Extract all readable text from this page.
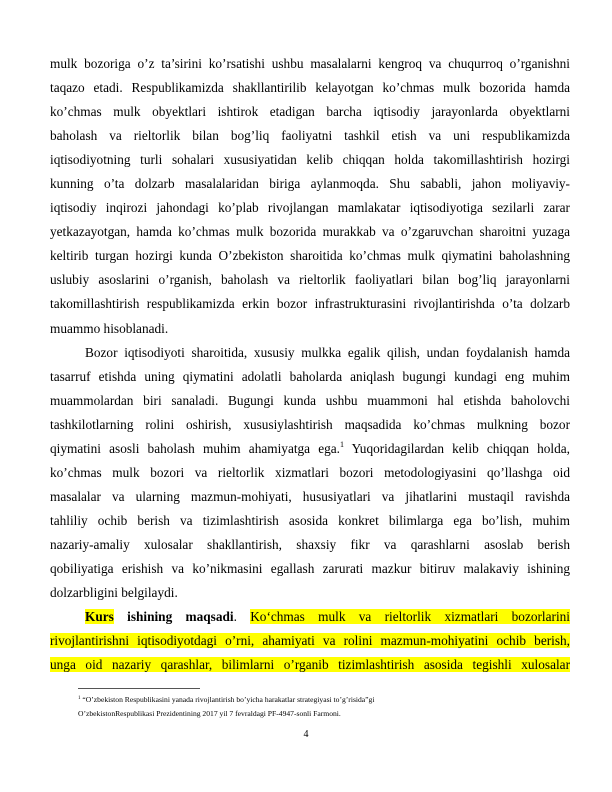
mulk bozoriga o’z ta’sirini ko’rsatishi ushbu masalalarni kengroq va chuqurroq o’rganishni
taqazo etadi. Respublikamizda shakllantirilib kelayotgan ko’chmas mulk bozorida hamda
ko’chmas mulk obyektlari ishtirok etadigan barcha iqtisodiy jarayonlarda obyektlarni
baholash va rieltorlik bilan bog’liq faoliyatni tashkil etish va uni respublikamizda
iqtisodiyotning turli sohalari xususiyatidan kelib chiqqan holda takomillashtirish hozirgi
kunning o’ta dolzarb masalalaridan biriga aylanmoqda. Shu sababli, jahon moliyaviy-
iqtisodiy inqirozi jahondagi ko’plab rivojlangan mamlakatar iqtisodiyotiga sezilarli zarar
yetkazayotgan, hamda ko’chmas mulk bozorida murakkab va o’zgaruvchan sharoitni yuzaga
keltirib turgan hozirgi kunda O’zbekiston sharoitida ko’chmas mulk qiymatini baholashning
uslubiy asoslarini o’rganish, baholash va rieltorlik faoliyatlari bilan bog’liq jarayonlarni
takomillashtirish respublikamizda erkin bozor infrastrukturasini rivojlantirishda o’ta dolzarb
muammo hisoblanadi.
Bozor iqtisodiyoti sharoitida, xususiy mulkka egalik qilish, undan foydalanish hamda
tasarruf etishda uning qiymatini adolatli baholarda aniqlash bugungi kundagi eng muhim
muammolardan biri sanaladi. Bugungi kunda ushbu muammoni hal etishda baholovchi
tashkilotlarning rolini oshirish, xususiylashtirish maqsadida ko’chmas mulkning bozor
qiymatini asosli baholash muhim ahamiyatga ega.$^1$ Yuqoridagilardan kelib chiqqan holda,
ko’chmas mulk bozori va rieltorlik xizmatlari bozori metodologiyasini qo’llashga oid
masalalar va ularning mazmun-mohiyati, hususiyatlari va jihatlarini mustaqil ravishda
tahliliy ochib berish va tizimlashtirish asosida konkret bilimlarga ega bo’lish, muhim
nazariy-amaliy xulosalar shakllantirish, shaxsiy fikr va qarashlarni asoslab berish
qobiliyatiga erishish va ko’nikmasini egallash zarurati mazkur bitiruv malakaviy ishining
dolzarbligini belgilaydi.
Kurs ishining maqsadi. Ko‘chmas mulk va rieltorlik xizmatlari bozorlarini
rivojlantirishni iqtisodiyotdagi o’rni, ahamiyati va rolini mazmun-mohiyatini ochib berish,
unga oid nazariy qarashlar, bilimlarni o’rganib tizimlashtirish asosida tegishli xulosalar
$^1$ “O’zbekiston Respublikasini yanada rivojlantirish bo’yicha harakatlar strategiyasi to’g’risida”gi
O’zbekistonRespublikasi Prezidentining 2017 yil 7 fevraldagi PF-4947-sonli Farmoni.
4
